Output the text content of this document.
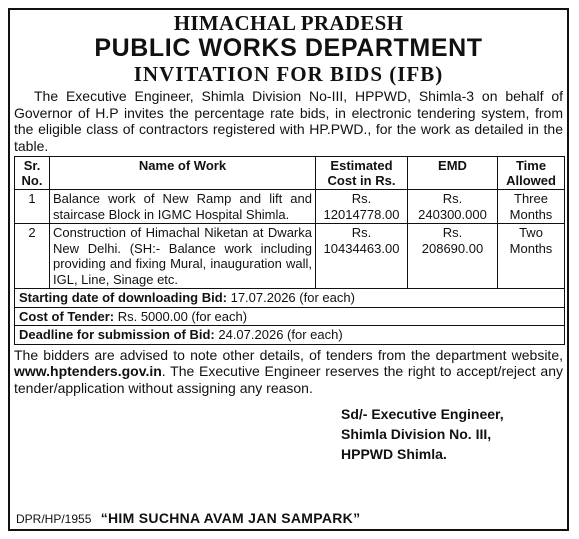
HIMACHAL PRADESH
PUBLIC WORKS DEPARTMENT
INVITATION FOR BIDS (IFB)
The Executive Engineer, Shimla Division No-III, HPPWD, Shimla-3 on behalf of Governor of H.P invites the percentage rate bids, in electronic tendering system, from the eligible class of contractors registered with HP.PWD., for the work as detailed in the table.
Sr. No.	Name of Work	Estimated Cost in Rs.	EMD	Time Allowed
1	Balance work of New Ramp and lift and staircase Block in IGMC Hospital Shimla.	Rs. 12014778.00	Rs. 240300.000	Three Months
2	Construction of Himachal Niketan at Dwarka New Delhi. (SH:- Balance work including providing and fixing Mural, inauguration wall, IGL, Line, Sinage etc.	Rs. 10434463.00	Rs. 208690.00	Two Months
Starting date of downloading Bid: 17.07.2026 (for each)				
Cost of Tender: Rs. 5000.00 (for each)				
Deadline for submission of Bid: 24.07.2026 (for each)				
The bidders are advised to note other details, of tenders from the department website, www.hptenders.gov.in. The Executive Engineer reserves the right to accept/reject any tender/application without assigning any reason.
Sd/- Executive Engineer,
Shimla Division No. III,
HPPWD Shimla.
DPR/HP/1955 “HIM SUCHNA AVAM JAN SAMPARK”
